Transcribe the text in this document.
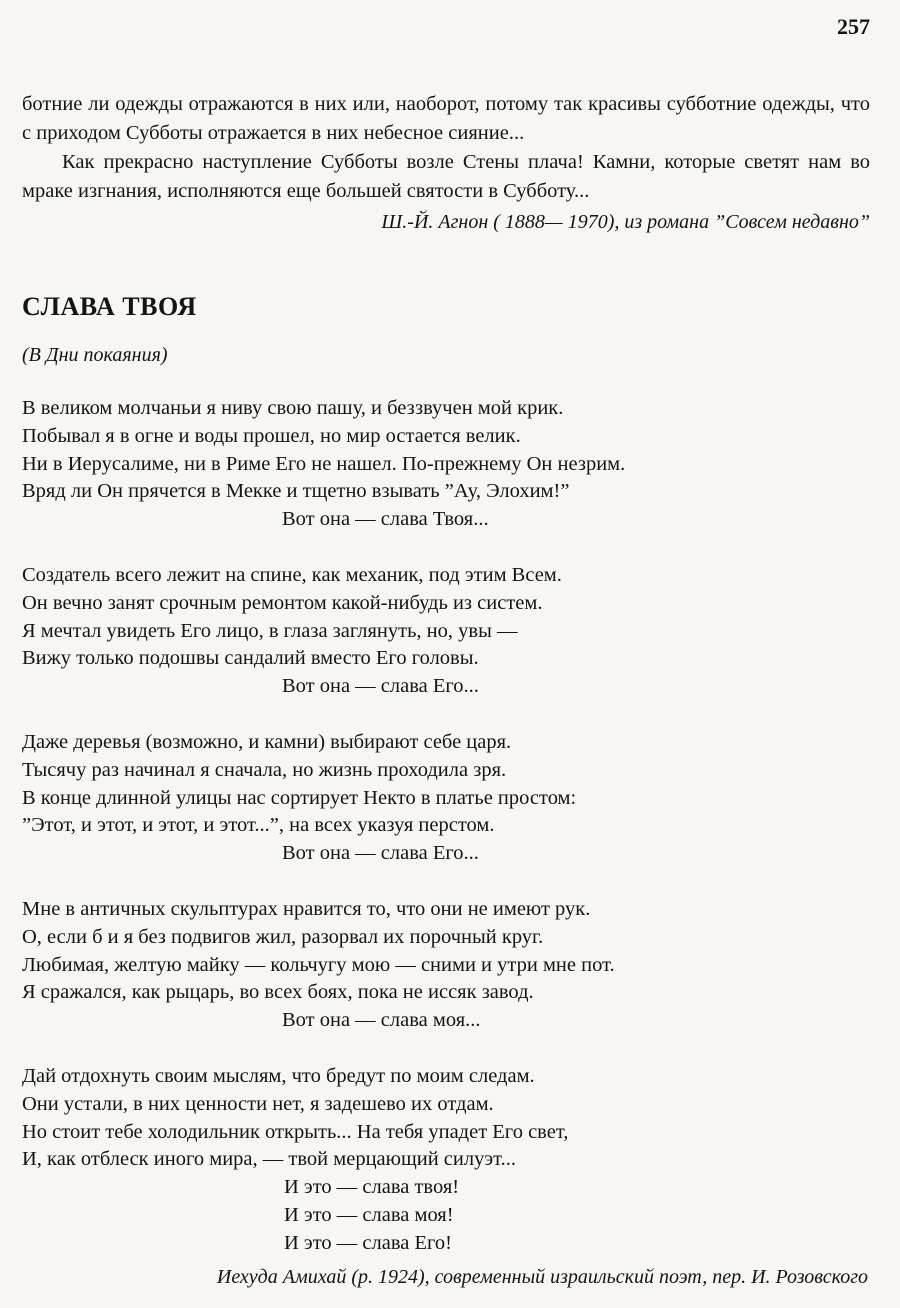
257

ботние ли одежды отражаются в них или, наоборот, потому так красивы субботние одежды, что с приходом Субботы отражается в них небесное сияние...

Как прекрасно наступление Субботы возле Стены плача! Камни, которые светят нам во мраке изгнания, исполняются еще большей святости в Субботу...

Ш.-Й. Агнон ( 1888— 1970), из романа ”Совсем недавно”
СЛАВА ТВОЯ
(В Дни покаяния)
В великом молчаньи я ниву свою пашу, и беззвучен мой крик.
Побывал я в огне и воды прошел, но мир остается велик.
Ни в Иерусалиме, ни в Риме Его не нашел. По-прежнему Он незрим.
Вряд ли Он прячется в Мекке и тщетно взывать ”Ау, Элохим!”
Вот она — слава Твоя...
Создатель всего лежит на спине, как механик, под этим Всем.
Он вечно занят срочным ремонтом какой-нибудь из систем.
Я мечтал увидеть Его лицо, в глаза заглянуть, но, увы —
Вижу только подошвы сандалий вместо Его головы.
Вот она — слава Его...
Даже деревья (возможно, и камни) выбирают себе царя.
Тысячу раз начинал я сначала, но жизнь проходила зря.
В конце длинной улицы нас сортирует Некто в платье простом:
”Этот, и этот, и этот, и этот...”, на всех указуя перстом.
Вот она — слава Его...
Мне в античных скульптурах нравится то, что они не имеют рук.
О, если б и я без подвигов жил, разорвал их порочный круг.
Любимая, желтую майку — кольчугу мою — сними и утри мне пот.
Я сражался, как рыцарь, во всех боях, пока не иссяк завод.
Вот она — слава моя...
Дай отдохнуть своим мыслям, что бредут по моим следам.
Они устали, в них ценности нет, я задешево их отдам.
Но стоит тебе холодильник открыть... На тебя упадет Его свет,
И, как отблеск иного мира, — твой мерцающий силуэт...
И это — слава твоя!
И это — слава моя!
И это — слава Его!
Иехуда Амихай (р. 1924), современный израильский поэт, пер. И. Розовского
